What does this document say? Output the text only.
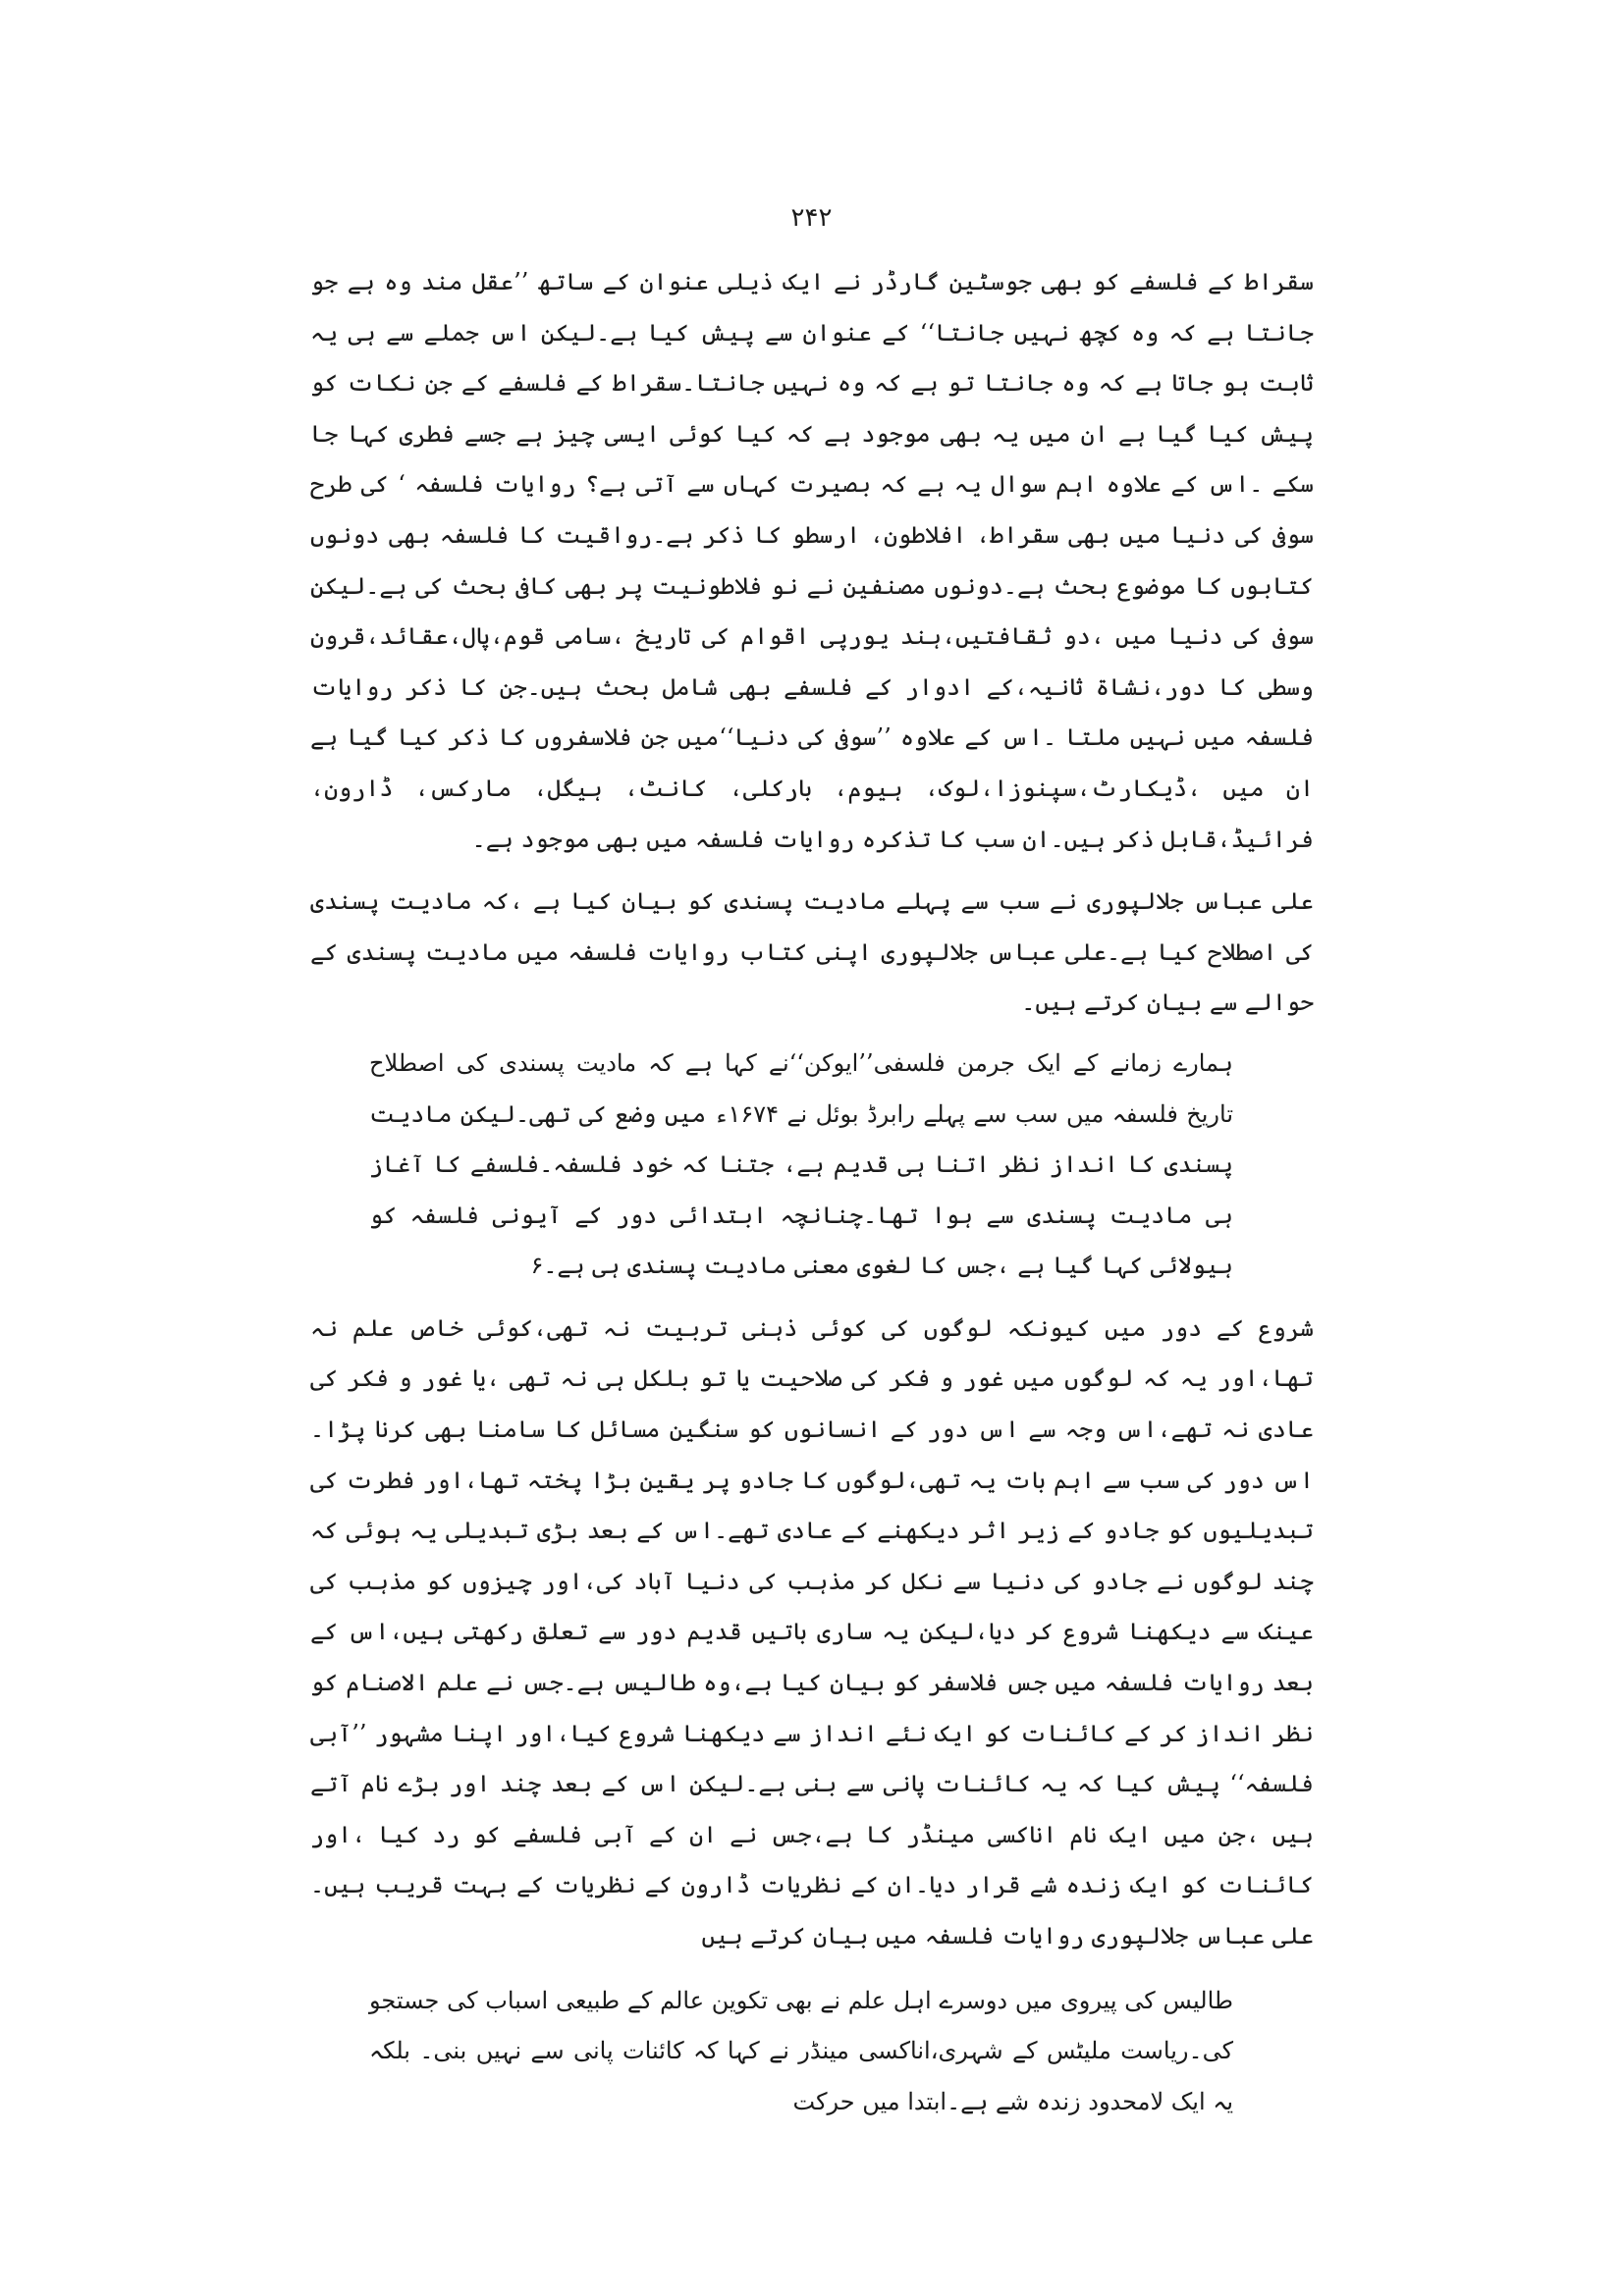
۲۴۲

سقراط کے فلسفے کو بھی جوسٹین گارڈر نے ایک ذیلی عنوان کے ساتھ ’’عقل مند وہ ہے جو جانتا ہے کہ وہ کچھ نہیں جانتا‘‘ کے عنوان سے پیش کیا ہے۔لیکن اس جملے سے ہی یہ ثابت ہو جاتا ہے کہ وہ جانتا تو ہے کہ وہ نہیں جانتا۔سقراط کے فلسفے کے جن نکات کو پیش کیا گیا ہے ان میں یہ بھی موجود ہے کہ کیا کوئی ایسی چیز ہے جسے فطری کہا جا سکے ۔اس کے علاوہ اہم سوال یہ ہے کہ بصیرت کہاں سے آتی ہے؟ روایات فلسفہ ‘ کی طرح سوفی کی دنیا میں بھی سقراط، افلاطون، ارسطو کا ذکر ہے۔رواقیت کا فلسفہ بھی دونوں کتابوں کا موضوع بحث ہے۔دونوں مصنفین نے نو فلاطونیت پر بھی کافی بحث کی ہے۔لیکن سوفی کی دنیا میں ،دو ثقافتیں،ہند یورپی اقوام کی تاریخ ،سامی قوم،پال،عقائد،قرون وسطی کا دور،نشاۃ ثانیہ،کے ادوار کے فلسفے بھی شامل بحث ہیں۔جن کا ذکر روایات فلسفہ میں نہیں ملتا ۔اس کے علاوہ ’’سوفی کی دنیا‘‘میں جن فلاسفروں کا ذکر کیا گیا ہے ان میں ،ڈیکارٹ،سپنوزا،لوک، ہیوم، بارکلی، کانٹ، ہیگل، مارکس، ڈارون، فرائیڈ،قابل ذکر ہیں۔ان سب کا تذکرہ روایات فلسفہ میں بھی موجود ہے۔

علی عباس جلالپوری نے سب سے پہلے مادیت پسندی کو بیان کیا ہے ،کہ مادیت پسندی کی اصطلاح کیا ہے۔علی عباس جلالپوری اپنی کتاب روایات فلسفہ میں مادیت پسندی کے حوالے سے بیان کرتے ہیں۔

ہمارے زمانے کے ایک جرمن فلسفی’’ایوکن‘‘نے کہا ہے کہ مادیت پسندی کی اصطلاح تاریخ فلسفہ میں سب سے پہلے رابرڈ بوئل نے ۱۶۷۴ء میں وضع کی تھی۔لیکن مادیت پسندی کا انداز نظر اتنا ہی قدیم ہے، جتنا کہ خود فلسفہ۔فلسفے کا آغاز ہی مادیت پسندی سے ہوا تھا۔چنانچہ ابتدائی دور کے آیونی فلسفہ کو ہیولائی کہا گیا ہے ،جس کا لغوی معنی مادیت پسندی ہی ہے۔۶

شروع کے دور میں کیونکہ لوگوں کی کوئی ذہنی تربیت نہ تھی،کوئی خاص علم نہ تھا،اور یہ کہ لوگوں میں غور و فکر کی صلاحیت یا تو بلکل ہی نہ تھی ،یا غور و فکر کی عادی نہ تھے،اس وجہ سے اس دور کے انسانوں کو سنگین مسائل کا سامنا بھی کرنا پڑا۔اس دور کی سب سے اہم بات یہ تھی،لوگوں کا جادو پر یقین بڑا پختہ تھا،اور فطرت کی تبدیلیوں کو جادو کے زیر اثر دیکھنے کے عادی تھے۔اس کے بعد بڑی تبدیلی یہ ہوئی کہ چند لوگوں نے جادو کی دنیا سے نکل کر مذہب کی دنیا آباد کی،اور چیزوں کو مذہب کی عینک سے دیکھنا شروع کر دیا،لیکن یہ ساری باتیں قدیم دور سے تعلق رکھتی ہیں،اس کے بعد روایات فلسفہ میں جس فلاسفر کو بیان کیا ہے،وہ طالیس ہے۔جس نے علم الاصنام کو نظر انداز کر کے کائنات کو ایک نئے انداز سے دیکھنا شروع کیا،اور اپنا مشہور ’’آبی فلسفہ‘‘ پیش کیا کہ یہ کائنات پانی سے بنی ہے۔لیکن اس کے بعد چند اور بڑے نام آتے ہیں ،جن میں ایک نام اناکسی مینڈر کا ہے،جس نے ان کے آبی فلسفے کو رد کیا ،اور کائنات کو ایک زندہ شے قرار دیا۔ان کے نظریات ڈارون کے نظریات کے بہت قریب ہیں۔علی عباس جلالپوری روایات فلسفہ میں بیان کرتے ہیں

طالیس کی پیروی میں دوسرے اہل علم نے بھی تکوین عالم کے طبیعی اسباب کی جستجو کی۔ریاست ملیٹس کے شہری،اناکسی مینڈر نے کہا کہ کائنات پانی سے نہیں بنی۔ بلکہ یہ ایک لامحدود زندہ شے ہے۔ابتدا میں حرکت
